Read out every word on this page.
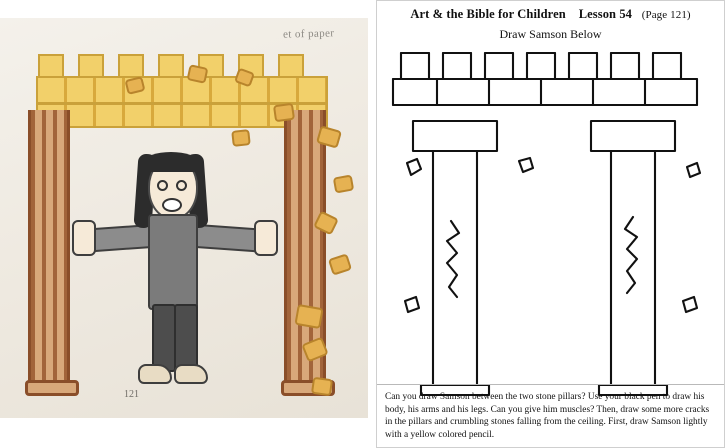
et of paper
121
Art & the Bible for Children Lesson 54 (Page 121)
Draw Samson Below
Can you draw Samson between the two stone pillars? Use your black pen to draw his body, his arms and his legs. Can you give him muscles? Then, draw some more cracks in the pillars and crumbling stones falling from the ceiling. First, draw Samson lightly with a yellow colored pencil.
